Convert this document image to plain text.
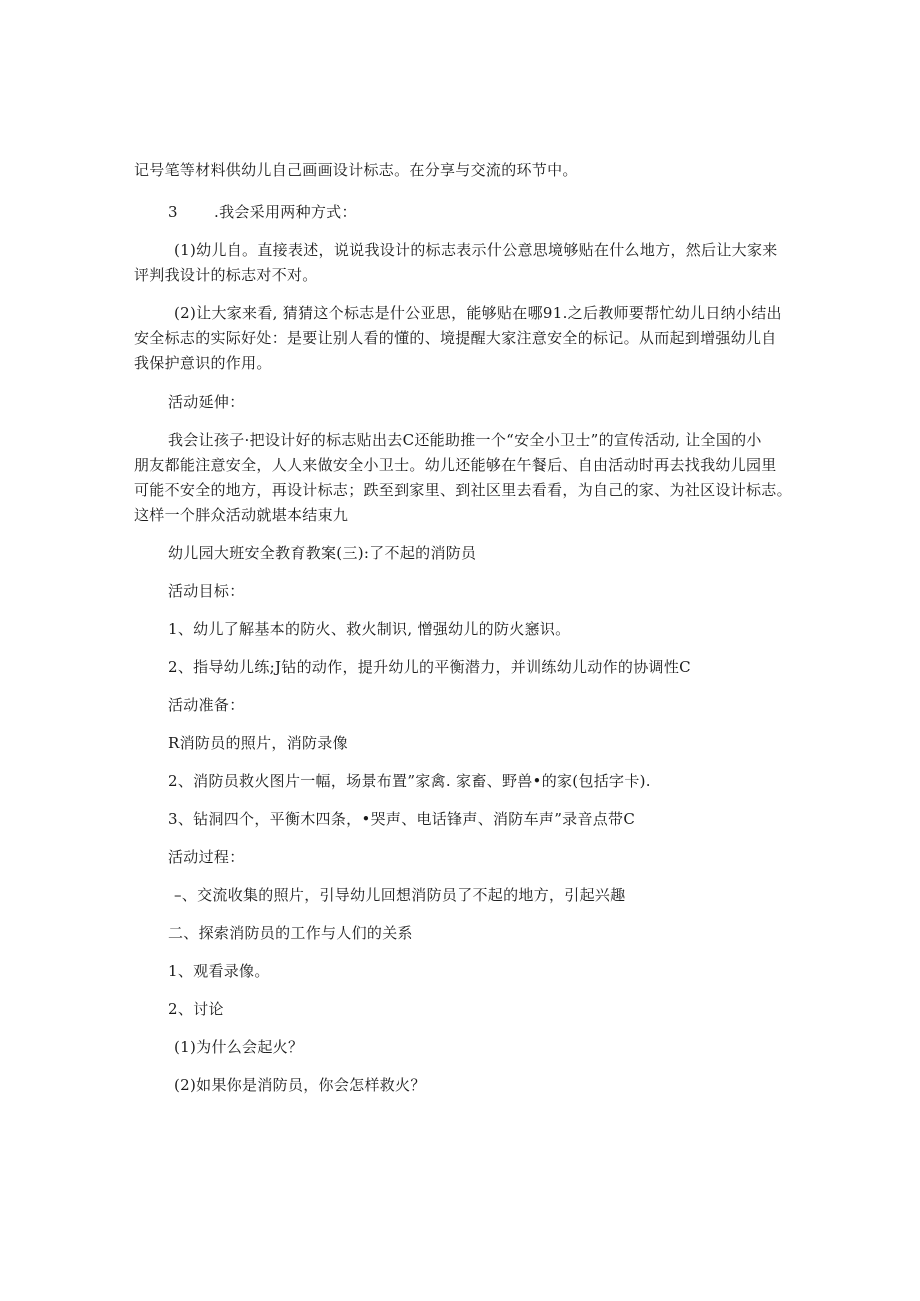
记号笔等材料供幼儿自己画画设计标志。在分享与交流的环节中。
3 .我会采用两种方式：
(1)幼儿自。直接表述，说说我设计的标志表示什公意思境够贴在什么地方，然后让大家来
评判我设计的标志对不对。
(2)让大家来看, 猜猜这个标志是什公亚思，能够贴在哪91.之后教师要帮忙幼儿日纳小结出
安全标志的实际好处：是要让别人看的懂的、境提醒大家注意安全的标记。从而起到增强幼儿自
我保护意识的作用。
活动延伸：
我会让孩子·把设计好的标志贴出去C还能助推一个“安全小卫士”的宣传活动, 让全国的小
朋友都能注意安全，人人来做安全小卫士。幼儿还能够在午餐后、自由活动时再去找我幼儿园里
可能不安全的地方，再设计标志；跌至到家里、到社区里去看看，为自己的家、为社区设计标志。
这样一个胖众活动就堪本结束九
幼儿园大班安全教育教案(三):了不起的消防员
活动目标：
1、幼儿了解基本的防火、救火制识, 憎强幼儿的防火窸识。
2、指导幼儿练;J钻的动作，提升幼儿的平衡潜力，并训练幼儿动作的协调性C
活动准备：
R消防员的照片，消防录像
2、消防员救火图片一幅，场景布置”家禽. 家畜、野兽•的家(包括字卡).
3、钻洞四个，平衡木四条，•哭声、电话锋声、消防车声”录音点带C
活动过程：
–、交流收集的照片，引导幼儿回想消防员了不起的地方，引起兴趣
二、探索消防员的工作与人们的关系
1、观看录像。
2、讨论
(1)为什么会起火？
(2)如果你是消防员，你会怎样救火？
